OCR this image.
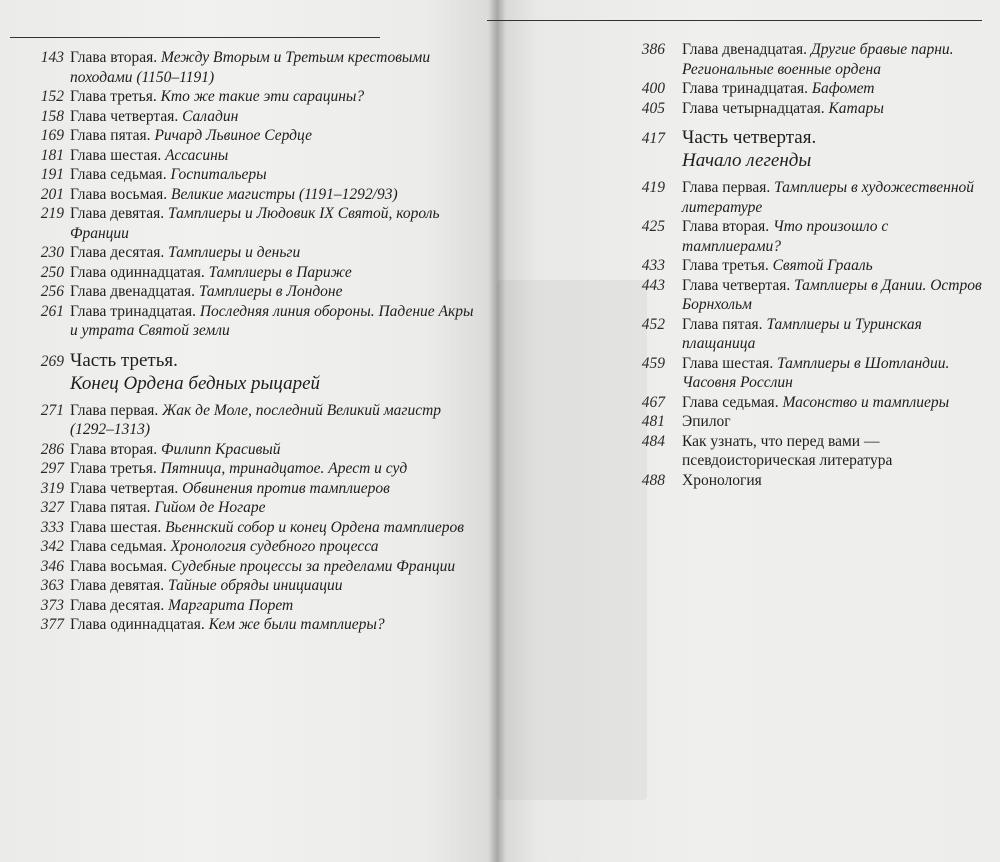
143 Глава вторая. Между Вторым и Третьим крестовыми походами (1150–1191)
152 Глава третья. Кто же такие эти сарацины?
158 Глава четвертая. Саладин
169 Глава пятая. Ричард Львиное Сердце
181 Глава шестая. Ассасины
191 Глава седьмая. Госпитальеры
201 Глава восьмая. Великие магистры (1191–1292/93)
219 Глава девятая. Тамплиеры и Людовик IX Святой, король Франции
230 Глава десятая. Тамплиеры и деньги
250 Глава одиннадцатая. Тамплиеры в Париже
256 Глава двенадцатая. Тамплиеры в Лондоне
261 Глава тринадцатая. Последняя линия обороны. Падение Акры и утрата Святой земли
269 Часть третья.
Конец Ордена бедных рыцарей
271 Глава первая. Жак де Моле, последний Великий магистр (1292–1313)
286 Глава вторая. Филипп Красивый
297 Глава третья. Пятница, тринадцатое. Арест и суд
319 Глава четвертая. Обвинения против тамплиеров
327 Глава пятая. Гийом де Ногаре
333 Глава шестая. Вьеннский собор и конец Ордена тамплиеров
342 Глава седьмая. Хронология судебного процесса
346 Глава восьмая. Судебные процессы за пределами Франции
363 Глава девятая. Тайные обряды инициации
373 Глава десятая. Маргарита Порет
377 Глава одиннадцатая. Кем же были тамплиеры?
386 Глава двенадцатая. Другие бравые парни. Региональные военные ордена
400 Глава тринадцатая. Бафомет
405 Глава четырнадцатая. Катары
417 Часть четвертая.
Начало легенды
419 Глава первая. Тамплиеры в художественной литературе
425 Глава вторая. Что произошло с тамплиерами?
433 Глава третья. Святой Грааль
443 Глава четвертая. Тамплиеры в Дании. Остров Борнхольм
452 Глава пятая. Тамплиеры и Туринская плащаница
459 Глава шестая. Тамплиеры в Шотландии. Часовня Росслин
467 Глава седьмая. Масонство и тамплиеры
481 Эпилог
484 Как узнать, что перед вами — псевдоисторическая литература
488 Хронология
